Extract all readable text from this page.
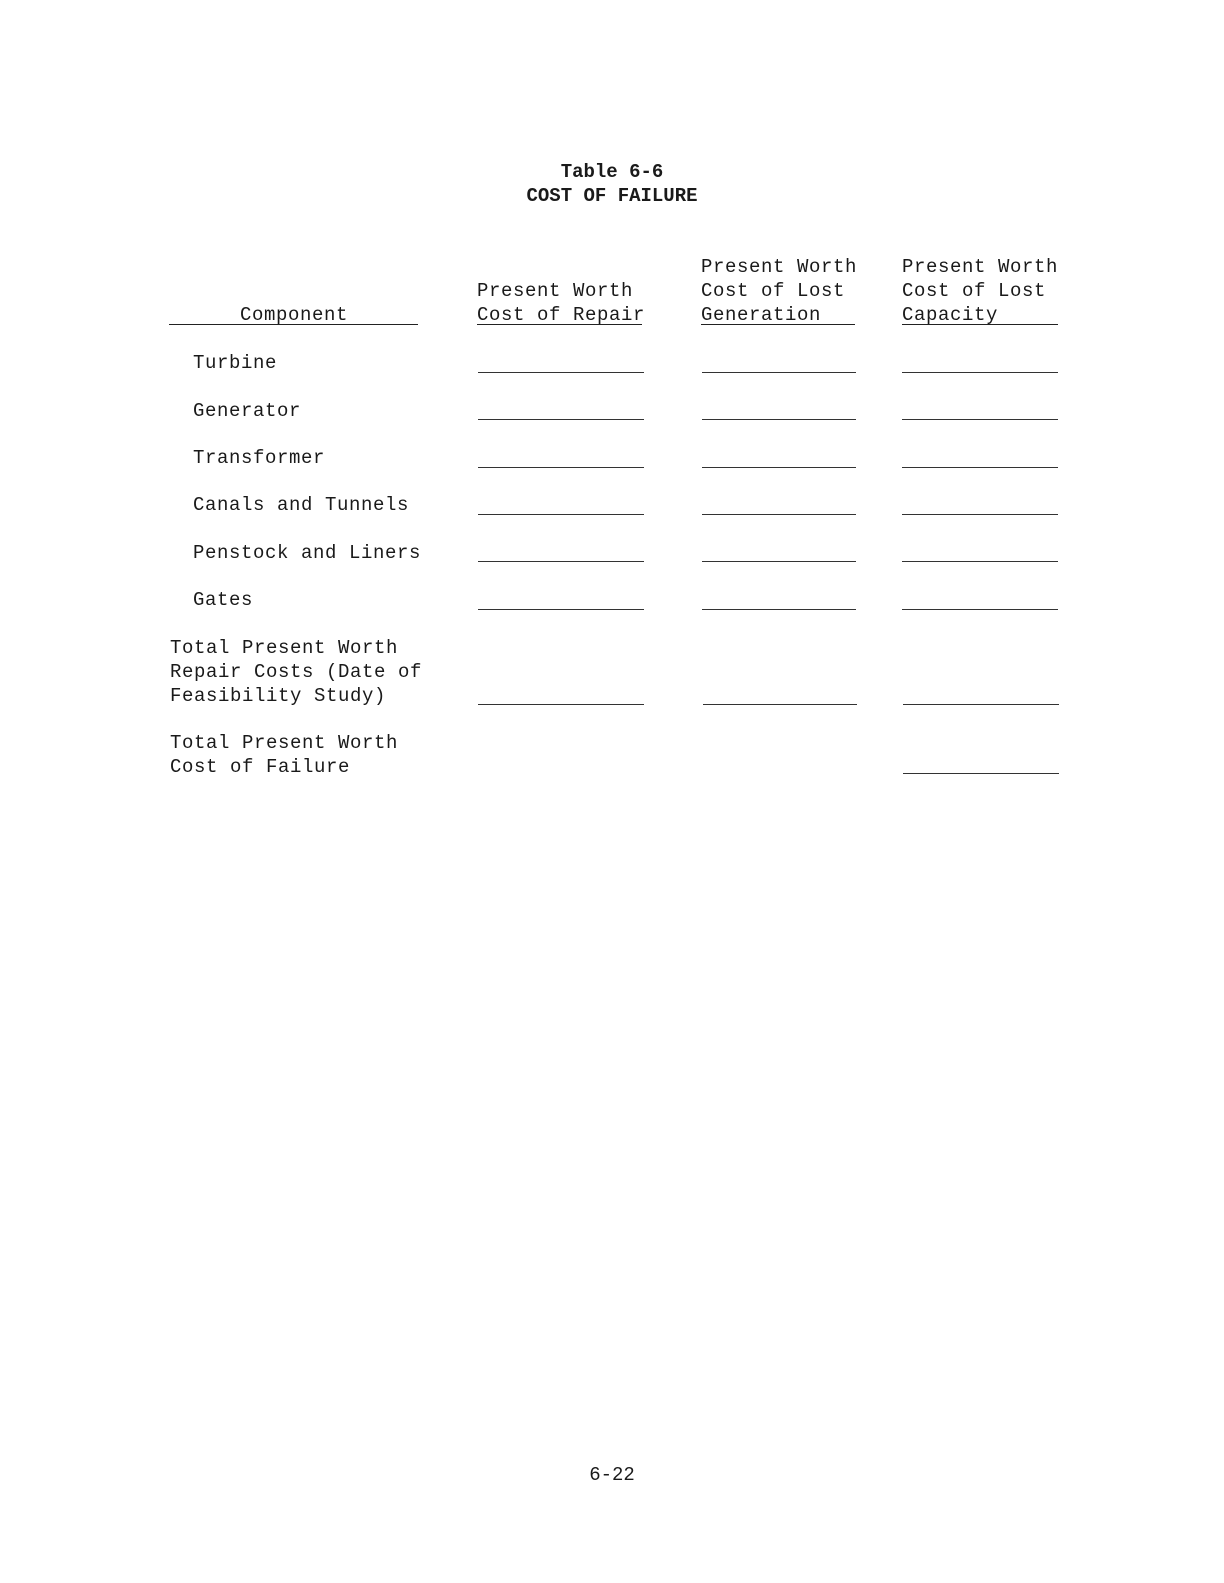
Table 6-6
COST OF FAILURE
Component
Present Worth
Cost of Repair
Present Worth
Cost of Lost
Generation
Present Worth
Cost of Lost
Capacity
Turbine
Generator
Transformer
Canals and Tunnels
Penstock and Liners
Gates
Total Present Worth
Repair Costs (Date of
Feasibility Study)
Total Present Worth
Cost of Failure
6-22
